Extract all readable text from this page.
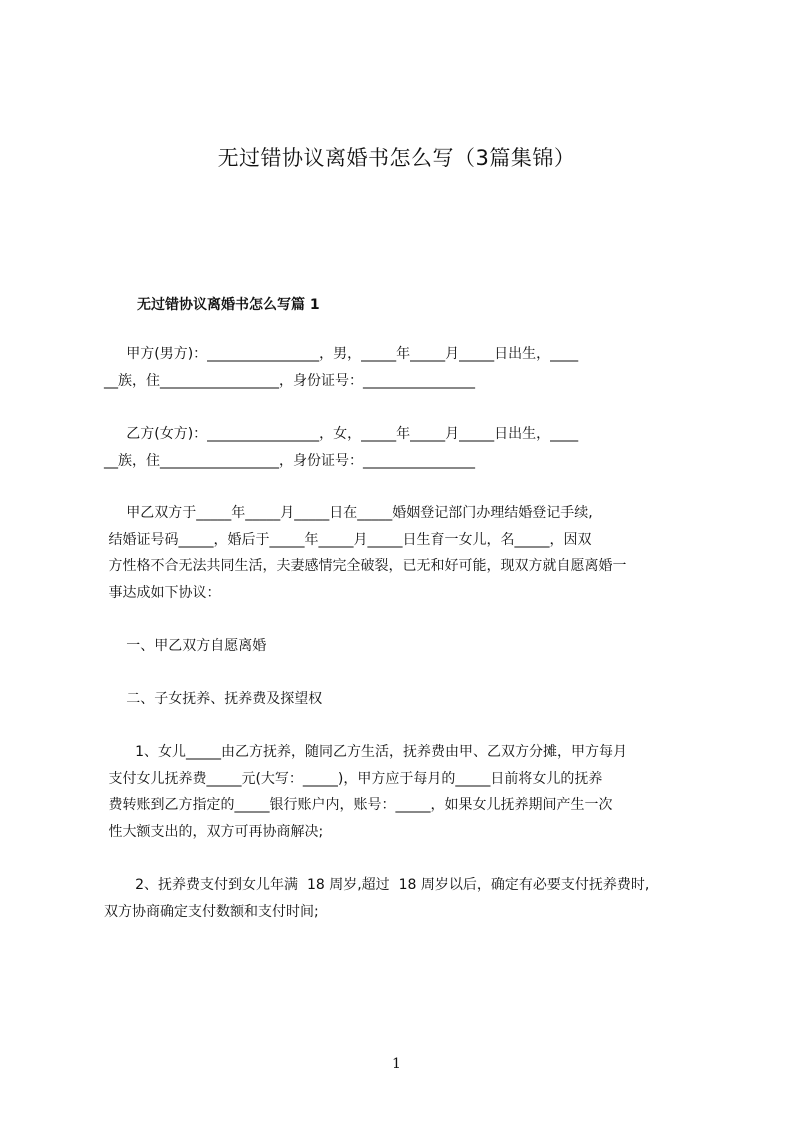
无过错协议离婚书怎么写（3篇集锦）
无过错协议离婚书怎么写篇 1
甲方(男方)：________________，男，_____年_____月_____日出生，____
__族，住_________________，身份证号：________________
乙方(女方)：________________，女，_____年_____月_____日出生，____
__族，住_________________，身份证号：________________
甲乙双方于_____年_____月_____日在_____婚姻登记部门办理结婚登记手续,
结婚证号码_____，婚后于_____年_____月_____日生育一女儿，名_____，因双
方性格不合无法共同生活，夫妻感情完全破裂，已无和好可能，现双方就自愿离婚一
事达成如下协议：
一、甲乙双方自愿离婚
二、子女抚养、抚养费及探望权
1、女儿_____由乙方抚养，随同乙方生活，抚养费由甲、乙双方分摊，甲方每月
支付女儿抚养费_____元(大写：_____)，甲方应于每月的_____日前将女儿的抚养
费转账到乙方指定的_____银行账户内，账号：_____，如果女儿抚养期间产生一次
性大额支出的，双方可再协商解决;
2、抚养费支付到女儿年满  18 周岁,超过  18 周岁以后，确定有必要支付抚养费时,
双方协商确定支付数额和支付时间;
1
